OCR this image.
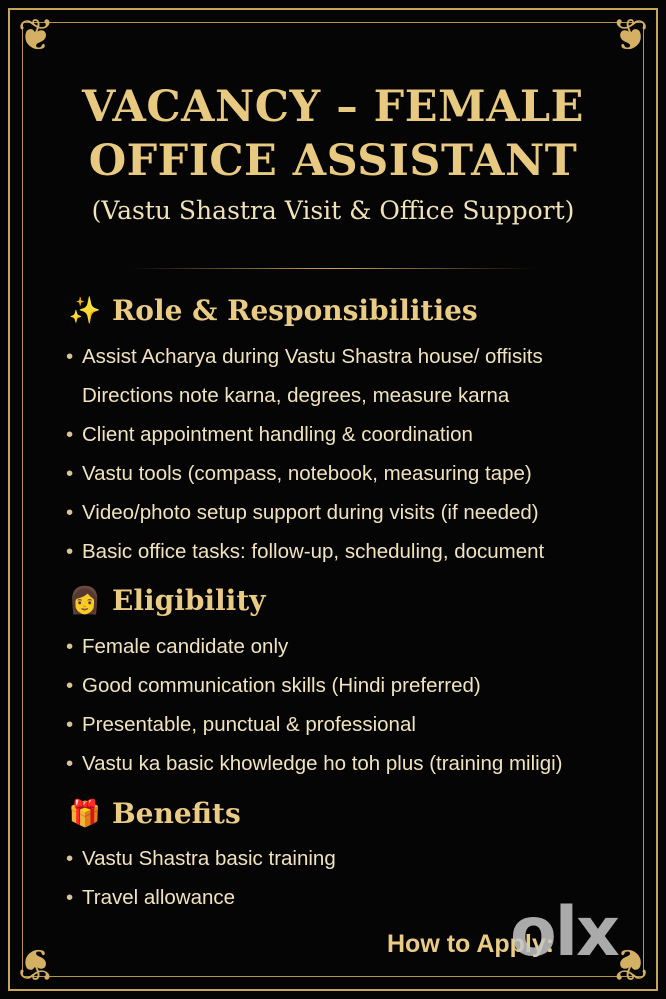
❦	❦
❦	❦
VACANCY – FEMALE
OFFICE ASSISTANT
(Vastu Shastra Visit & Office Support)
✨ Role & Responsibilities
• Assist Acharya during Vastu Shastra house/ offisits
Directions note karna, degrees, measure karna
• Client appointment handling & coordination
• Vastu tools (compass, notebook, measuring tape)
• Video/photo setup support during visits (if needed)
• Basic office tasks: follow-up, scheduling, document
👩 Eligibility
• Female candidate only
• Good communication skills (Hindi preferred)
• Presentable, punctual & professional
• Vastu ka basic khowledge ho toh plus (training miligi)
🎁 Benefits
• Vastu Shastra basic training
• Travel allowance
How to Apply:
olx
